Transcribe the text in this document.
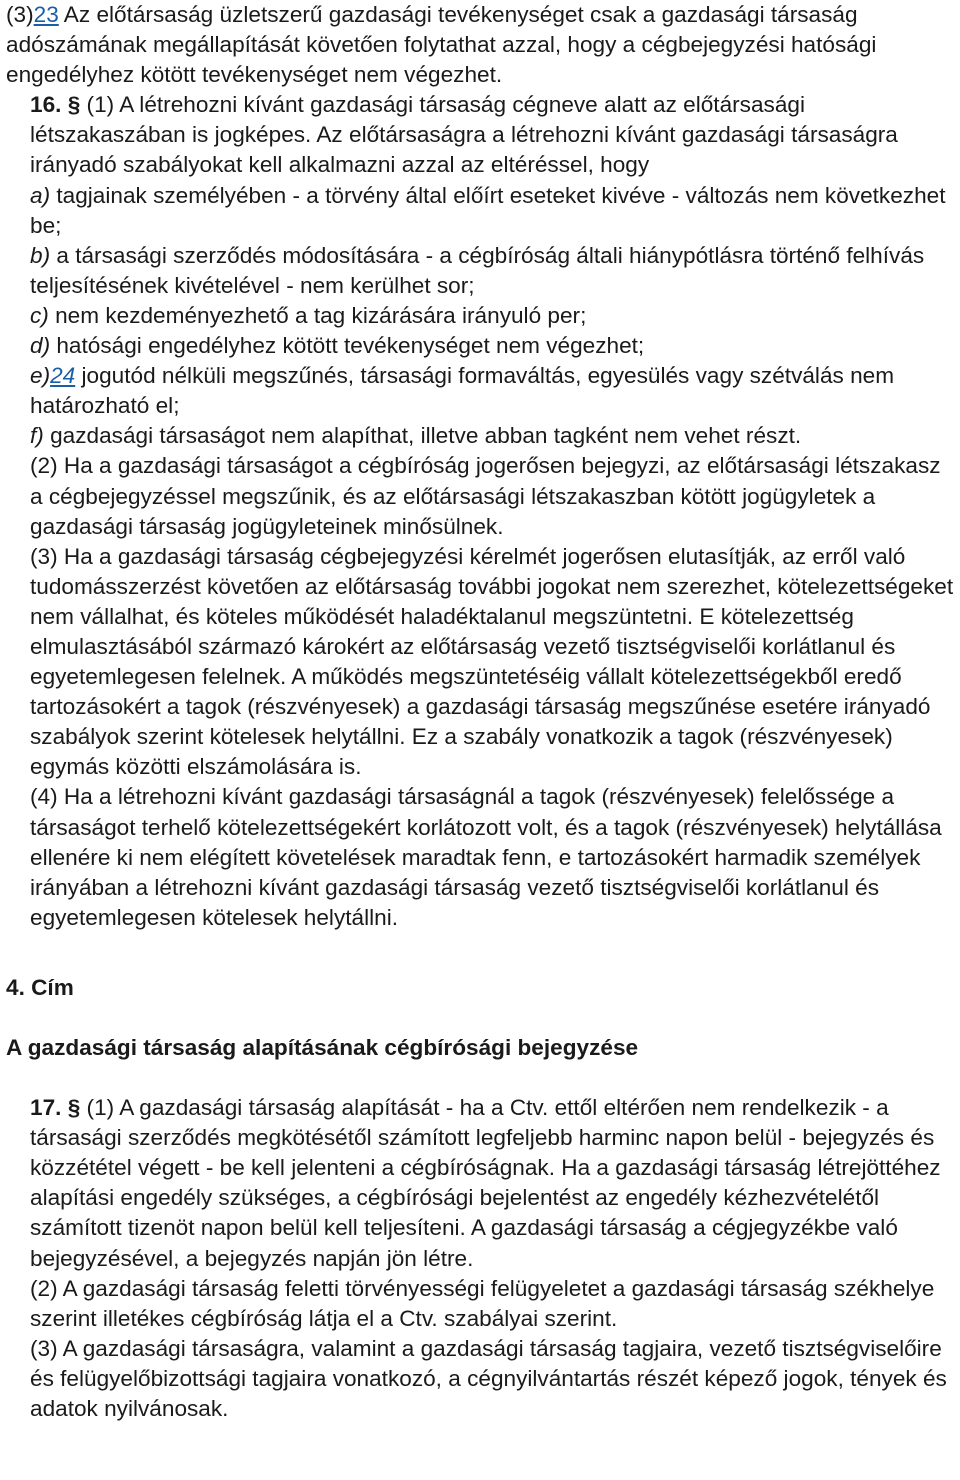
(3)23 Az előtársaság üzletszerű gazdasági tevékenységet csak a gazdasági társaság adószámának megállapítását követően folytathat azzal, hogy a cégbejegyzési hatósági engedélyhez kötött tevékenységet nem végezhet.

16. § (1) A létrehozni kívánt gazdasági társaság cégneve alatt az előtársasági létszakaszában is jogképes. Az előtársaságra a létrehozni kívánt gazdasági társaságra irányadó szabályokat kell alkalmazni azzal az eltéréssel, hogy

a) tagjainak személyében - a törvény által előírt eseteket kivéve - változás nem következhet be;

b) a társasági szerződés módosítására - a cégbíróság általi hiánypótlásra történő felhívás teljesítésének kivételével - nem kerülhet sor;

c) nem kezdeményezhető a tag kizárására irányuló per;

d) hatósági engedélyhez kötött tevékenységet nem végezhet;

e)24 jogutód nélküli megszűnés, társasági formaváltás, egyesülés vagy szétválás nem határozható el;

f) gazdasági társaságot nem alapíthat, illetve abban tagként nem vehet részt.

(2) Ha a gazdasági társaságot a cégbíróság jogerősen bejegyzi, az előtársasági létszakasz a cégbejegyzéssel megszűnik, és az előtársasági létszakaszban kötött jogügyletek a gazdasági társaság jogügyleteinek minősülnek.

(3) Ha a gazdasági társaság cégbejegyzési kérelmét jogerősen elutasítják, az erről való tudomásszerzést követően az előtársaság további jogokat nem szerezhet, kötelezettségeket nem vállalhat, és köteles működését haladéktalanul megszüntetni. E kötelezettség elmulasztásából származó károkért az előtársaság vezető tisztségviselői korlátlanul és egyetemlegesen felelnek. A működés megszüntetéséig vállalt kötelezettségekből eredő tartozásokért a tagok (részvényesek) a gazdasági társaság megszűnése esetére irányadó szabályok szerint kötelesek helytállni. Ez a szabály vonatkozik a tagok (részvényesek) egymás közötti elszámolására is.

(4) Ha a létrehozni kívánt gazdasági társaságnál a tagok (részvényesek) felelőssége a társaságot terhelő kötelezettségekért korlátozott volt, és a tagok (részvényesek) helytállása ellenére ki nem elégített követelések maradtak fenn, e tartozásokért harmadik személyek irányában a létrehozni kívánt gazdasági társaság vezető tisztségviselői korlátlanul és egyetemlegesen kötelesek helytállni.

4. Cím

A gazdasági társaság alapításának cégbírósági bejegyzése

17. § (1) A gazdasági társaság alapítását - ha a Ctv. ettől eltérően nem rendelkezik - a társasági szerződés megkötésétől számított legfeljebb harminc napon belül - bejegyzés és közzététel végett - be kell jelenteni a cégbíróságnak. Ha a gazdasági társaság létrejöttéhez alapítási engedély szükséges, a cégbírósági bejelentést az engedély kézhezvételétől számított tizenöt napon belül kell teljesíteni. A gazdasági társaság a cégjegyzékbe való bejegyzésével, a bejegyzés napján jön létre.

(2) A gazdasági társaság feletti törvényességi felügyeletet a gazdasági társaság székhelye szerint illetékes cégbíróság látja el a Ctv. szabályai szerint.

(3) A gazdasági társaságra, valamint a gazdasági társaság tagjaira, vezető tisztségviselőire és felügyelőbizottsági tagjaira vonatkozó, a cégnyilvántartás részét képező jogok, tények és adatok nyilvánosak.
